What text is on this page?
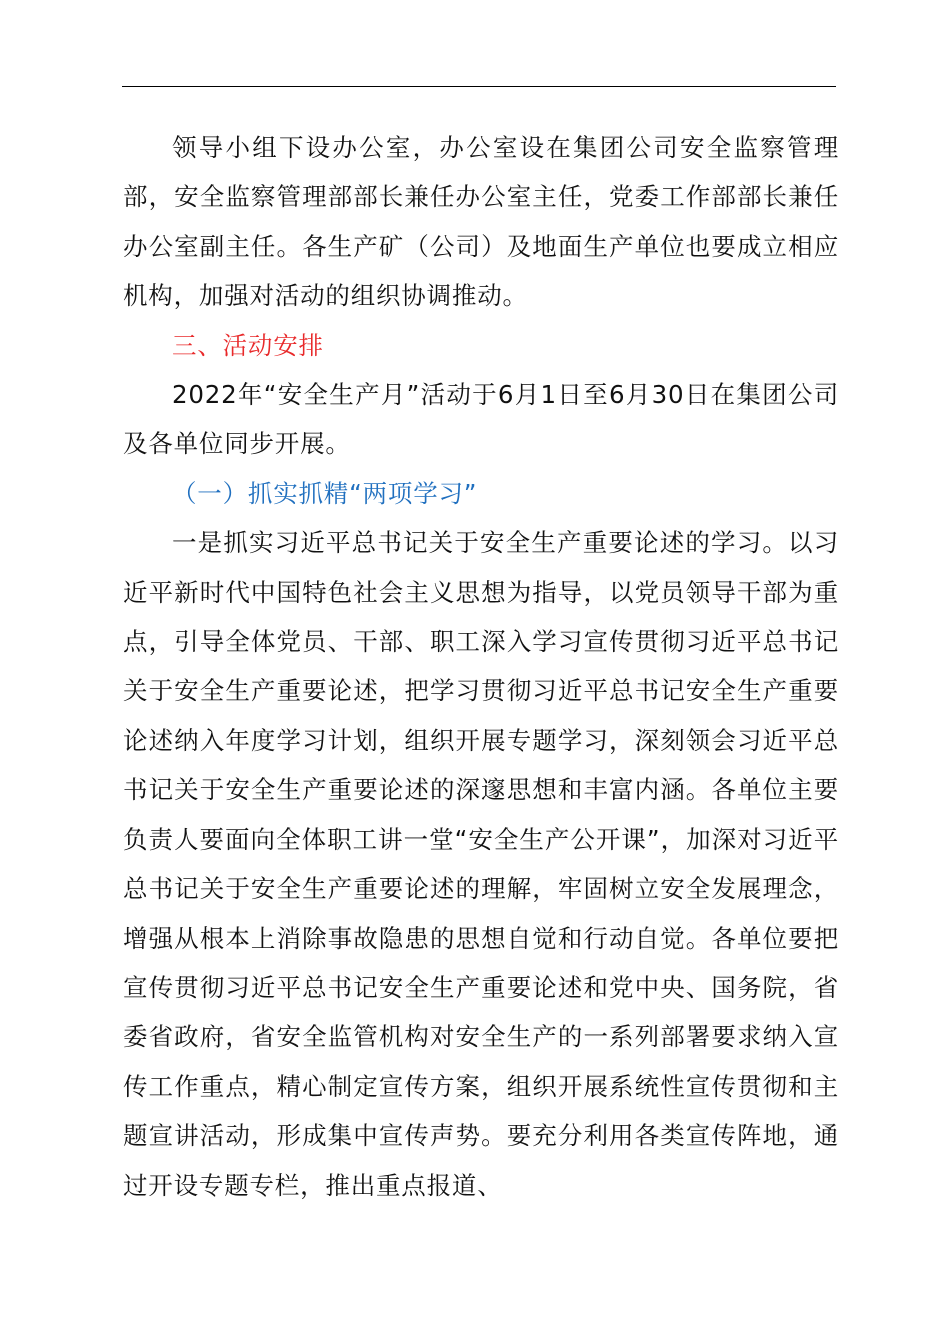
领导小组下设办公室，办公室设在集团公司安全监察管理部，安全监察管理部部长兼任办公室主任，党委工作部部长兼任办公室副主任。各生产矿（公司）及地面生产单位也要成立相应机构，加强对活动的组织协调推动。

三、活动安排

2022年“安全生产月”活动于6月1日至6月30日在集团公司及各单位同步开展。

（一）抓实抓精“两项学习”

一是抓实习近平总书记关于安全生产重要论述的学习。以习近平新时代中国特色社会主义思想为指导，以党员领导干部为重点，引导全体党员、干部、职工深入学习宣传贯彻习近平总书记关于安全生产重要论述，把学习贯彻习近平总书记安全生产重要论述纳入年度学习计划，组织开展专题学习，深刻领会习近平总书记关于安全生产重要论述的深邃思想和丰富内涵。各单位主要负责人要面向全体职工讲一堂“安全生产公开课”，加深对习近平总书记关于安全生产重要论述的理解，牢固树立安全发展理念，增强从根本上消除事故隐患的思想自觉和行动自觉。各单位要把宣传贯彻习近平总书记安全生产重要论述和党中央、国务院，省委省政府，省安全监管机构对安全生产的一系列部署要求纳入宣传工作重点，精心制定宣传方案，组织开展系统性宣传贯彻和主题宣讲活动，形成集中宣传声势。要充分利用各类宣传阵地，通过开设专题专栏，推出重点报道、
